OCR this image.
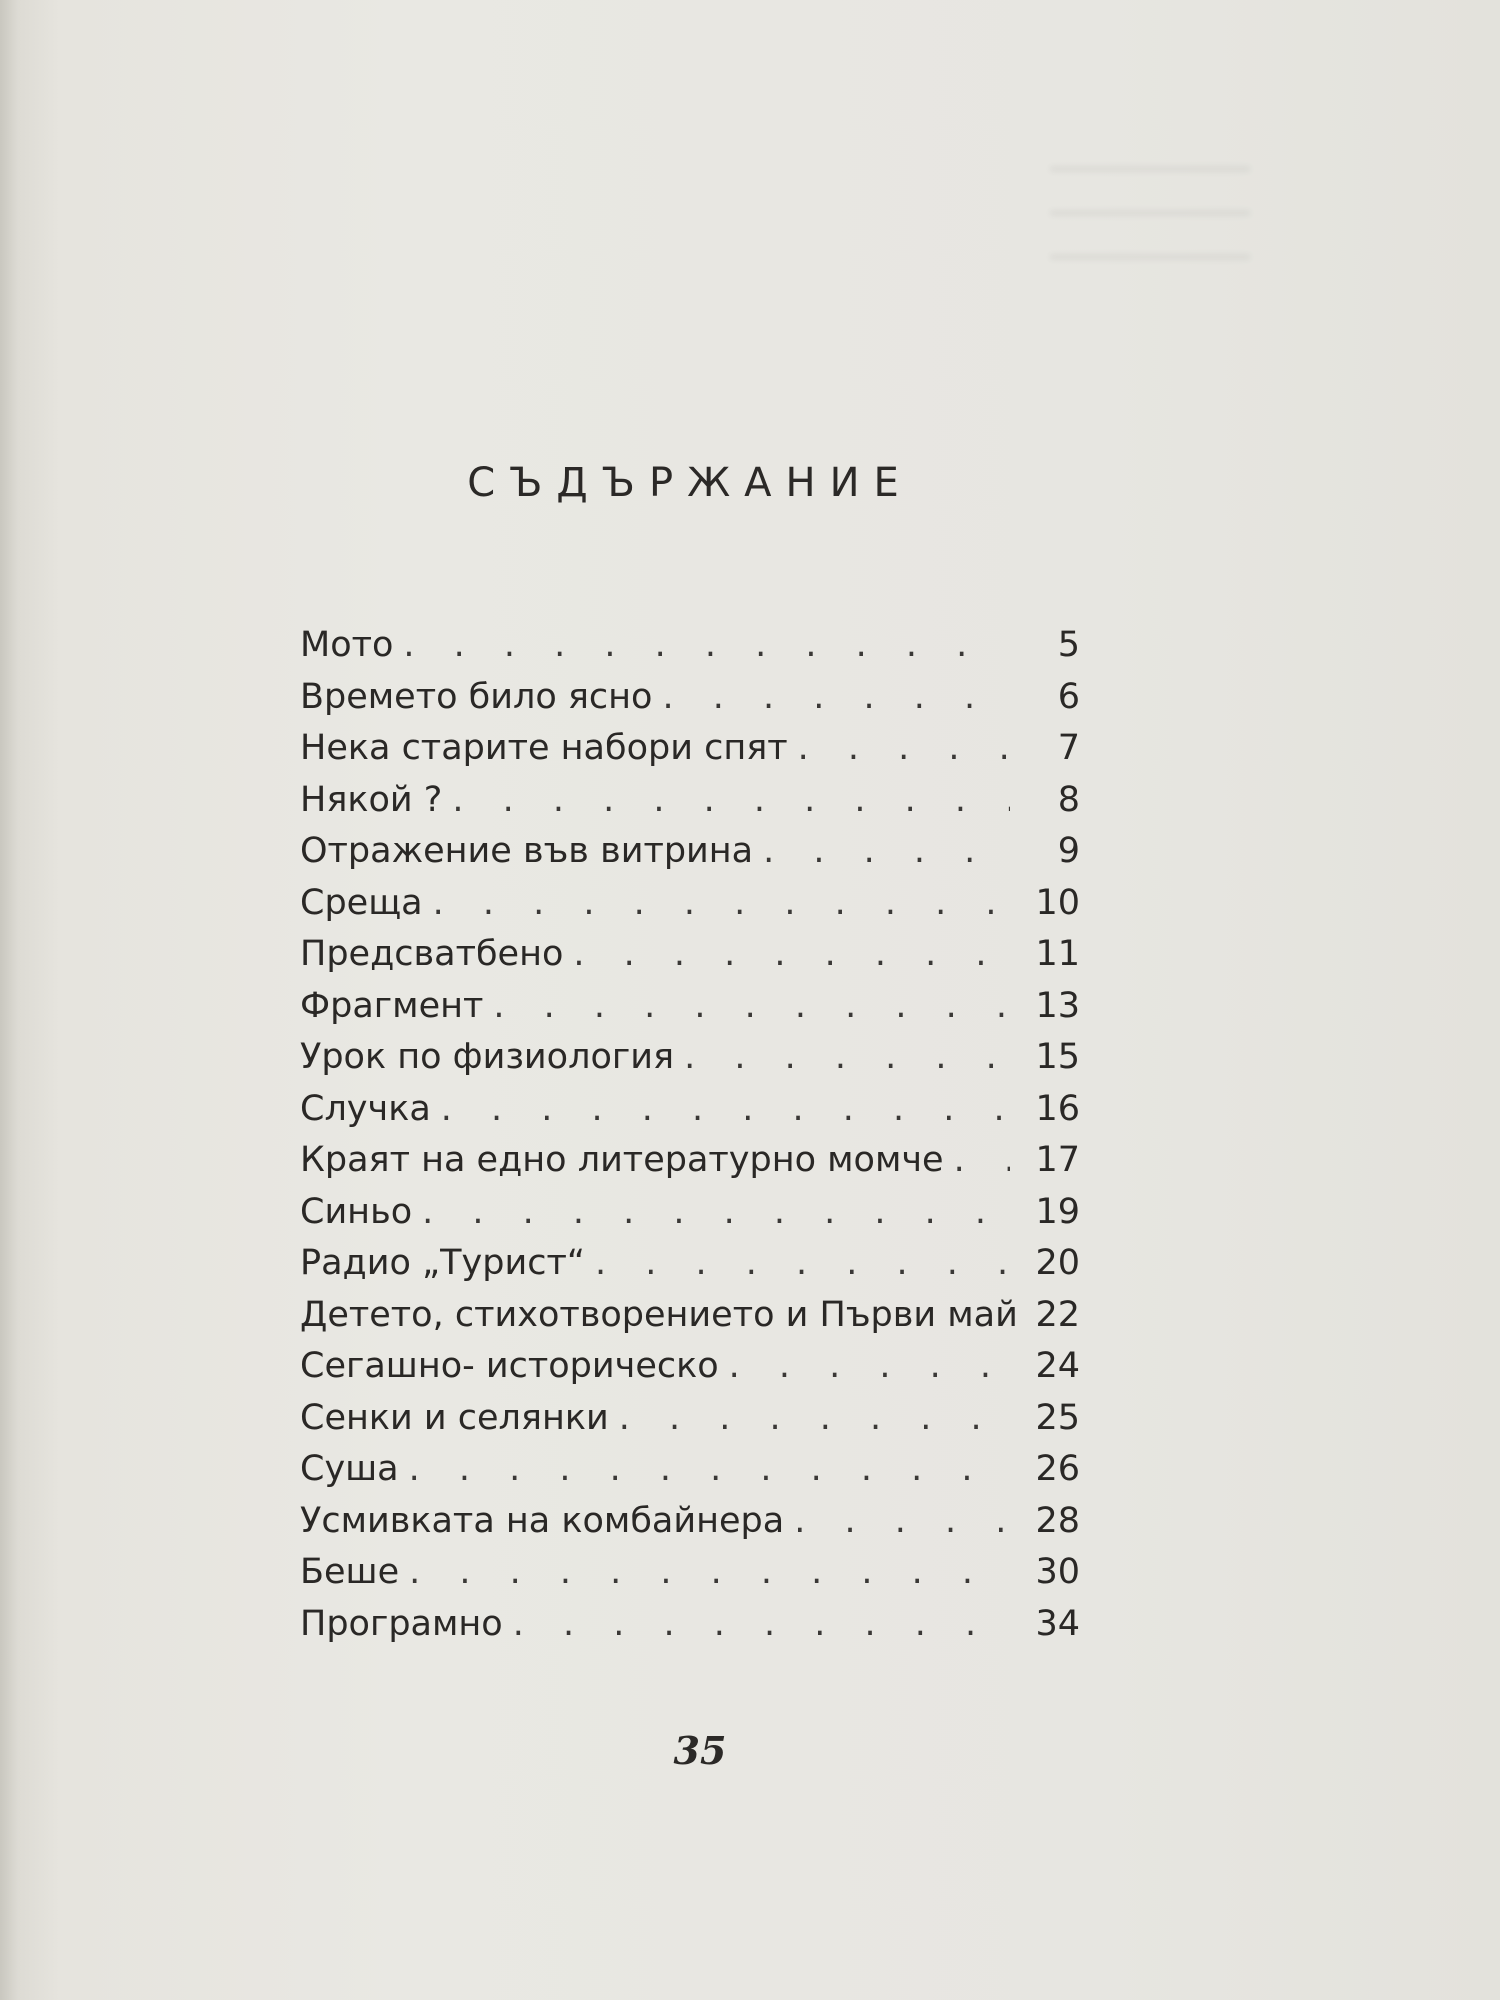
СЪДЪРЖАНИЕ
Мото . . .	5
Времето било ясно . . .	6
Нека старите набори спят . . .	7
Някой ? . . .	8
Отражение във витрина . . .	9
Среща . . .	10
Предсватбено . . .	11
Фрагмент . . .	13
Урок по физиология . . .	15
Случка . . .	16
Краят на едно литературно момче . . .	17
Синьо . . .	19
Радио „Турист“ . . .	20
Детето, стихотворението и Първи май 22
Сегашно- историческо . . .	24
Сенки и селянки . . .	25
Суша . . .	26
Усмивката на комбайнера . . .	28
Беше . . .	30
Програмно . . .	34
35
